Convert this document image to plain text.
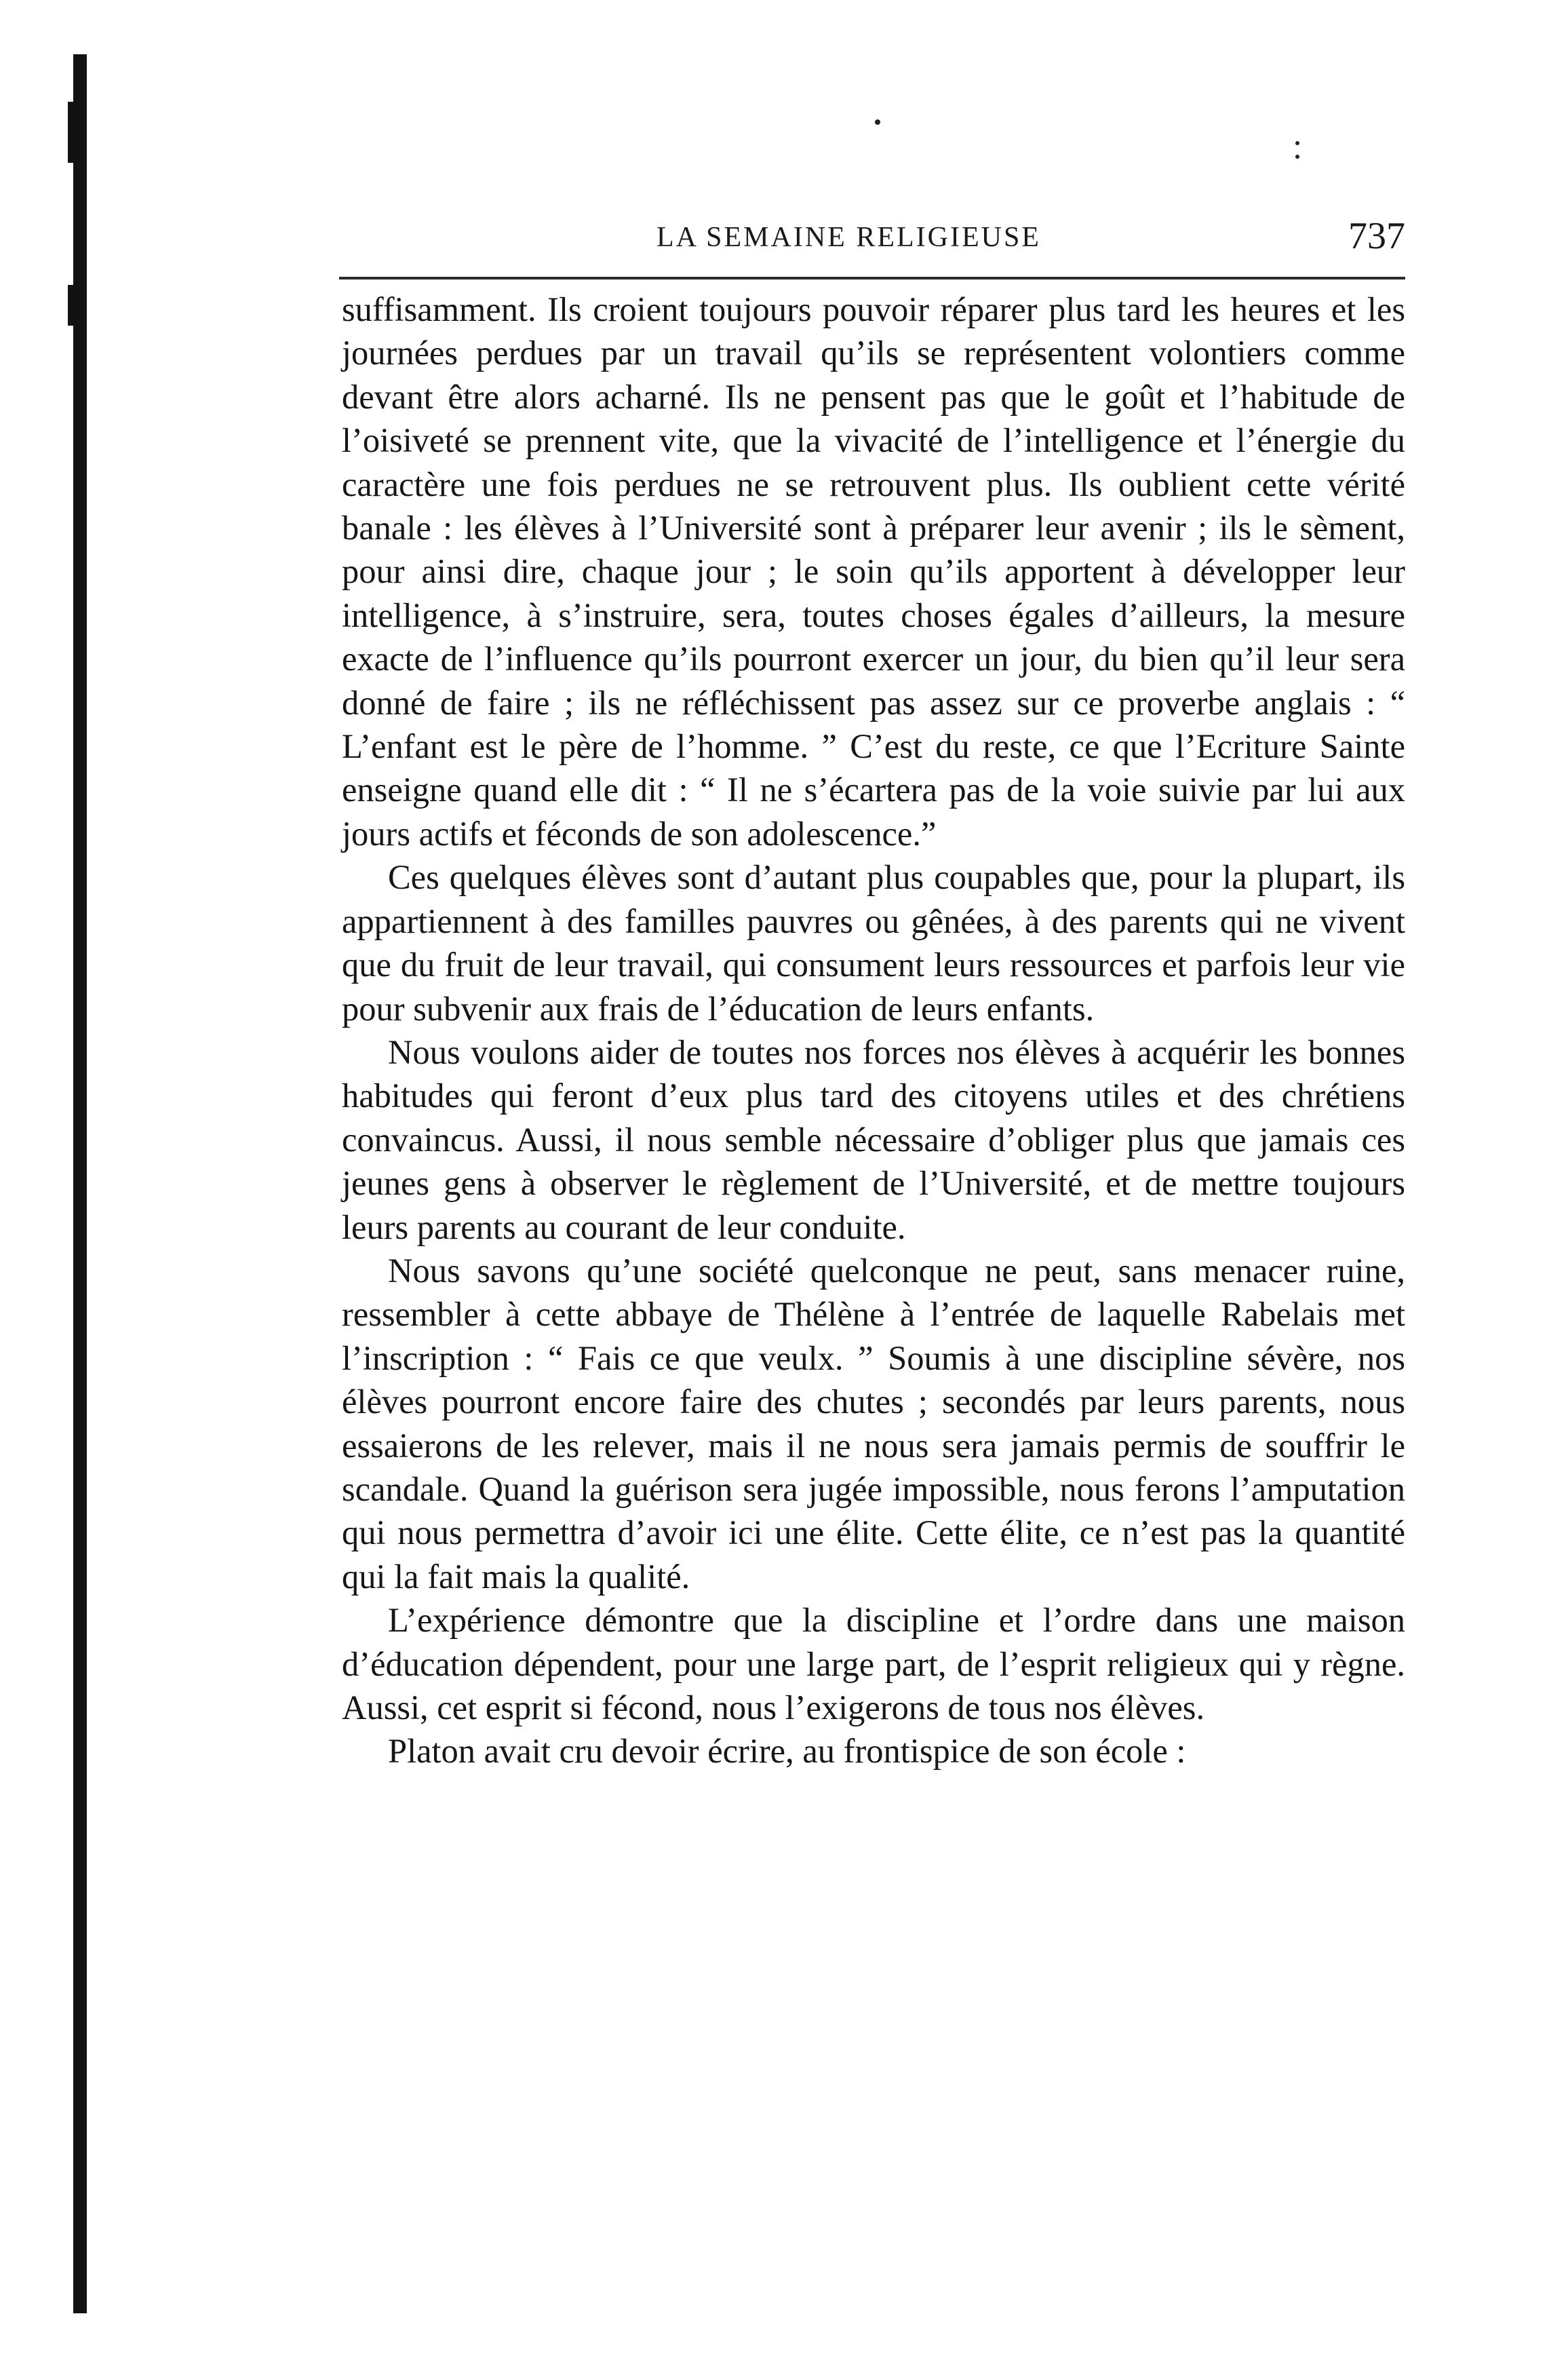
LA SEMAINE RELIGIEUSE	737

suffisamment. Ils croient toujours pouvoir réparer plus tard les heures et les journées perdues par un travail qu’ils se représentent volontiers comme devant être alors acharné. Ils ne pensent pas que le goût et l’habitude de l’oisiveté se prennent vite, que la vivacité de l’intelligence et l’énergie du caractère une fois perdues ne se retrouvent plus. Ils oublient cette vérité banale : les élèves à l’Université sont à préparer leur avenir ; ils le sèment, pour ainsi dire, chaque jour ; le soin qu’ils apportent à développer leur intelligence, à s’instruire, sera, toutes choses égales d’ailleurs, la mesure exacte de l’influence qu’ils pourront exercer un jour, du bien qu’il leur sera donné de faire ; ils ne réfléchissent pas assez sur ce proverbe anglais : “ L’enfant est le père de l’homme. ” C’est du reste, ce que l’Ecriture Sainte enseigne quand elle dit : “ Il ne s’écartera pas de la voie suivie par lui aux jours actifs et féconds de son adolescence.”

Ces quelques élèves sont d’autant plus coupables que, pour la plupart, ils appartiennent à des familles pauvres ou gênées, à des parents qui ne vivent que du fruit de leur travail, qui consument leurs ressources et parfois leur vie pour subvenir aux frais de l’éducation de leurs enfants.

Nous voulons aider de toutes nos forces nos élèves à acquérir les bonnes habitudes qui feront d’eux plus tard des citoyens utiles et des chrétiens convaincus. Aussi, il nous semble nécessaire d’obliger plus que jamais ces jeunes gens à observer le règlement de l’Université, et de mettre toujours leurs parents au courant de leur conduite.

Nous savons qu’une société quelconque ne peut, sans menacer ruine, ressembler à cette abbaye de Thélène à l’entrée de laquelle Rabelais met l’inscription : “ Fais ce que veulx. ” Soumis à une discipline sévère, nos élèves pourront encore faire des chutes ; secondés par leurs parents, nous essaierons de les relever, mais il ne nous sera jamais permis de souffrir le scandale. Quand la guérison sera jugée impossible, nous ferons l’amputation qui nous permettra d’avoir ici une élite. Cette élite, ce n’est pas la quantité qui la fait mais la qualité.

L’expérience démontre que la discipline et l’ordre dans une maison d’éducation dépendent, pour une large part, de l’esprit religieux qui y règne. Aussi, cet esprit si fécond, nous l’exigerons de tous nos élèves.

Platon avait cru devoir écrire, au frontispice de son école :
